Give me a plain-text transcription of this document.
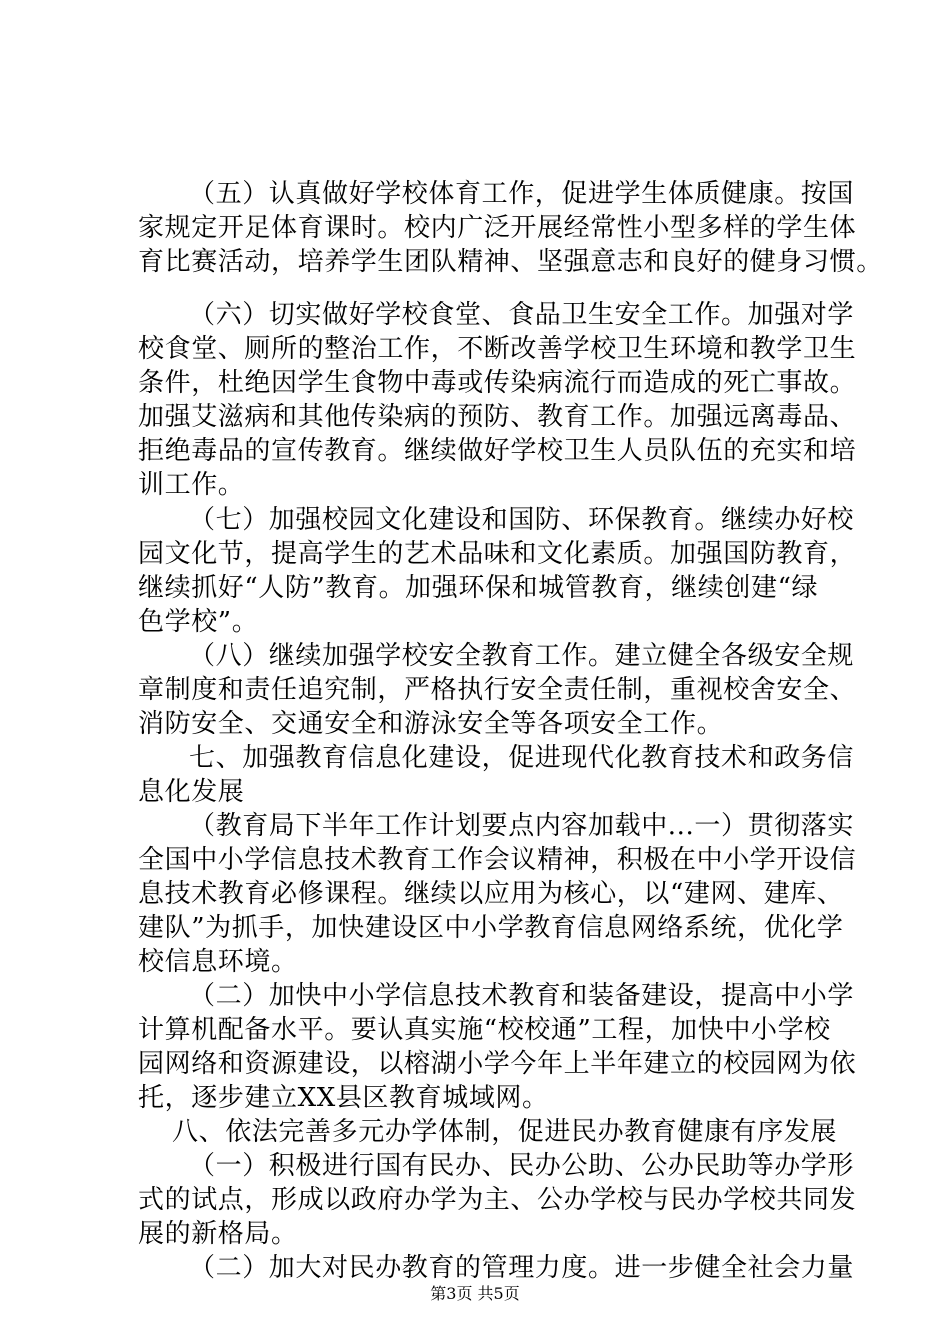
（五）认真做好学校体育工作，促进学生体质健康。按国
家规定开足体育课时。校内广泛开展经常性小型多样的学生体
育比赛活动，培养学生团队精神、坚强意志和良好的健身习惯。
（六）切实做好学校食堂、食品卫生安全工作。加强对学
校食堂、厕所的整治工作，不断改善学校卫生环境和教学卫生
条件，杜绝因学生食物中毒或传染病流行而造成的死亡事故。
加强艾滋病和其他传染病的预防、教育工作。加强远离毒品、
拒绝毒品的宣传教育。继续做好学校卫生人员队伍的充实和培
训工作。
（七）加强校园文化建设和国防、环保教育。继续办好校
园文化节，提高学生的艺术品味和文化素质。加强国防教育，
继续抓好“人防”教育。加强环保和城管教育，继续创建“绿
色学校”。
（八）继续加强学校安全教育工作。建立健全各级安全规
章制度和责任追究制，严格执行安全责任制，重视校舍安全、
消防安全、交通安全和游泳安全等各项安全工作。
七、加强教育信息化建设，促进现代化教育技术和政务信
息化发展
（教育局下半年工作计划要点内容加载中...一）贯彻落实
全国中小学信息技术教育工作会议精神，积极在中小学开设信
息技术教育必修课程。继续以应用为核心，以“建网、建库、
建队”为抓手，加快建设区中小学教育信息网络系统，优化学
校信息环境。
（二）加快中小学信息技术教育和装备建设，提高中小学
计算机配备水平。要认真实施“校校通”工程，加快中小学校
园网络和资源建设，以榕湖小学今年上半年建立的校园网为依
托，逐步建立XX县区教育城域网。
八、依法完善多元办学体制，促进民办教育健康有序发展
（一）积极进行国有民办、民办公助、公办民助等办学形
式的试点，形成以政府办学为主、公办学校与民办学校共同发
展的新格局。
（二）加大对民办教育的管理力度。进一步健全社会力量
第3页 共5页
